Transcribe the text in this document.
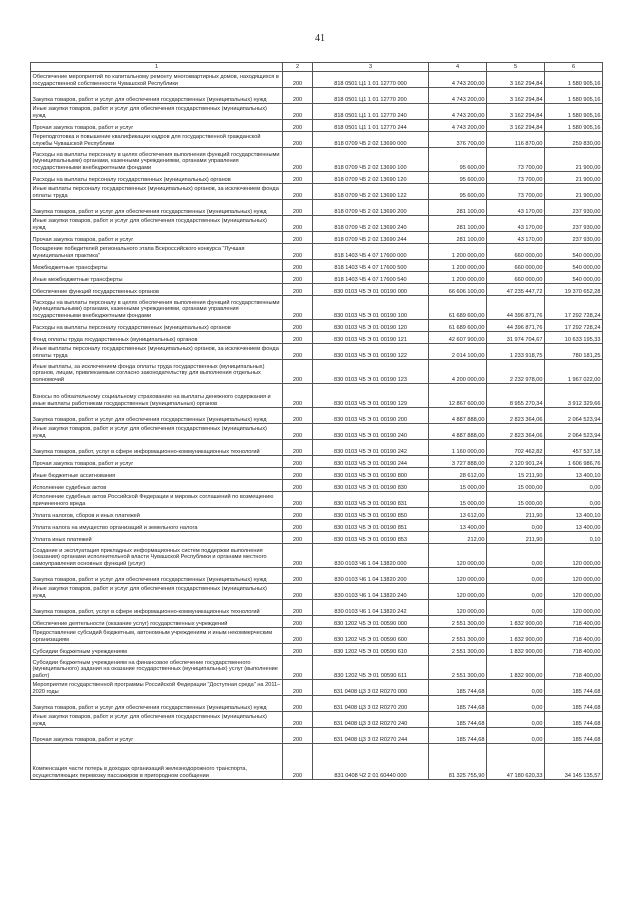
41
1	2	3	4	5	6
Обеспечение мероприятий по капитальному ремонту многоквартирных домов, находящихся в государственной собственности Чувашской Республики	200	818 0501 Ц1 1 01 12770 000	4 743 200,00	3 162 294,84	1 580 905,16
Закупка товаров, работ и услуг для обеспечения государственных (муниципальных) нужд	200	818 0501 Ц1 1 01 12770 200	4 743 200,00	3 162 294,84	1 580 905,16
Иные закупки товаров, работ и услуг для обеспечения государственных (муниципальных) нужд	200	818 0501 Ц1 1 01 12770 240	4 743 200,00	3 162 294,84	1 580 905,16
Прочая закупка товаров, работ и услуг	200	818 0501 Ц1 1 01 12770 244	4 743 200,00	3 162 294,84	1 580 905,16
Переподготовка и повышение квалификации кадров для государственной гражданской службы Чувашской Республики	200	818 0709 Ч5 2 02 13690 000	376 700,00	116 870,00	259 830,00
Расходы на выплаты персоналу в целях обеспечения выполнения функций государственными (муниципальными) органами, казенными учреждениями, органами управления государственными внебюджетными фондами	200	818 0709 Ч5 2 02 13690 100	95 600,00	73 700,00	21 900,00
Расходы на выплаты персоналу государственных (муниципальных) органов	200	818 0709 Ч5 2 02 13690 120	95 600,00	73 700,00	21 900,00
Иные выплаты персоналу государственных (муниципальных) органов, за исключением фонда оплаты труда	200	818 0709 Ч5 2 02 13690 122	95 600,00	73 700,00	21 900,00
Закупка товаров, работ и услуг для обеспечения государственных (муниципальных) нужд	200	818 0709 Ч5 2 02 13690 200	281 100,00	43 170,00	237 930,00
Иные закупки товаров, работ и услуг для обеспечения государственных (муниципальных) нужд	200	818 0709 Ч5 2 02 13690 240	281 100,00	43 170,00	237 930,00
Прочая закупка товаров, работ и услуг	200	818 0709 Ч5 2 02 13690 244	281 100,00	43 170,00	237 930,00
Поощрение победителей регионального этапа Всероссийского конкурса "Лучшая муниципальная практика"	200	818 1403 Ч5 4 07 17600 000	1 200 000,00	660 000,00	540 000,00
Межбюджетные трансферты	200	818 1403 Ч5 4 07 17600 500	1 200 000,00	660 000,00	540 000,00
Иные межбюджетные трансферты	200	818 1403 Ч5 4 07 17600 540	1 200 000,00	660 000,00	540 000,00
Обеспечение функций государственных органов	200	830 0103 Ч5 Э 01 00190 000	66 606 100,00	47 235 447,72	19 370 652,28
Расходы на выплаты персоналу в целях обеспечения выполнения функций государственными (муниципальными) органами, казенными учреждениями, органами управления государственными внебюджетными фондами	200	830 0103 Ч5 Э 01 00190 100	61 689 600,00	44 396 871,76	17 292 728,24
Расходы на выплаты персоналу государственных (муниципальных) органов	200	830 0103 Ч5 Э 01 00190 120	61 689 600,00	44 396 871,76	17 292 728,24
Фонд оплаты труда государственных (муниципальных) органов	200	830 0103 Ч5 Э 01 00190 121	42 607 900,00	31 974 704,67	10 633 195,33
Иные выплаты персоналу государственных (муниципальных) органов, за исключением фонда оплаты труда	200	830 0103 Ч5 Э 01 00190 122	2 014 100,00	1 233 918,75	780 181,25
Иные выплаты, за исключением фонда оплаты труда государственных (муниципальных) органов, лицам, привлекаемым согласно законодательству для выполнения отдельных полномочий	200	830 0103 Ч5 Э 01 00190 123	4 200 000,00	2 232 978,00	1 967 022,00
Взносы по обязательному социальному страхованию на выплаты денежного содержания и иные выплаты работникам государственных (муниципальных) органов	200	830 0103 Ч5 Э 01 00190 129	12 867 600,00	8 955 270,34	3 912 329,66
Закупка товаров, работ и услуг для обеспечения государственных (муниципальных) нужд	200	830 0103 Ч5 Э 01 00190 200	4 887 888,00	2 823 364,06	2 064 523,94
Иные закупки товаров, работ и услуг для обеспечения государственных (муниципальных) нужд	200	830 0103 Ч5 Э 01 00190 240	4 887 888,00	2 823 364,06	2 064 523,94
Закупка товаров, работ, услуг в сфере информационно-коммуникационных технологий	200	830 0103 Ч5 Э 01 00190 242	1 160 000,00	702 462,82	457 537,18
Прочая закупка товаров, работ и услуг	200	830 0103 Ч5 Э 01 00190 244	3 727 888,00	2 120 901,24	1 606 986,76
Иные бюджетные ассигнования	200	830 0103 Ч5 Э 01 00190 800	28 612,00	15 211,90	13 400,10
Исполнение судебных актов	200	830 0103 Ч5 Э 01 00190 830	15 000,00	15 000,00	0,00
Исполнение судебных актов Российской Федерации и мировых соглашений по возмещению причиненного вреда	200	830 0103 Ч5 Э 01 00190 831	15 000,00	15 000,00	0,00
Уплата налогов, сборов и иных платежей	200	830 0103 Ч5 Э 01 00190 850	13 612,00	211,90	13 400,10
Уплата налога на имущество организаций и земельного налога	200	830 0103 Ч5 Э 01 00190 851	13 400,00	0,00	13 400,00
Уплата иных платежей	200	830 0103 Ч5 Э 01 00190 853	212,00	211,90	0,10
Создание и эксплуатация прикладных информационных систем поддержки выполнения (оказания) органами исполнительной власти Чувашской Республики и органами местного самоуправления основных функций (услуг)	200	830 0103 Ч6 1 04 13820 000	120 000,00	0,00	120 000,00
Закупка товаров, работ и услуг для обеспечения государственных (муниципальных) нужд	200	830 0103 Ч6 1 04 13820 200	120 000,00	0,00	120 000,00
Иные закупки товаров, работ и услуг для обеспечения государственных (муниципальных) нужд	200	830 0103 Ч6 1 04 13820 240	120 000,00	0,00	120 000,00
Закупка товаров, работ, услуг в сфере информационно-коммуникационных технологий	200	830 0103 Ч6 1 04 13820 242	120 000,00	0,00	120 000,00
Обеспечение деятельности (оказание услуг) государственных учреждений	200	830 1202 Ч5 Э 01 00590 000	2 551 300,00	1 832 900,00	718 400,00
Предоставление субсидий бюджетным, автономным учреждениям и иным некоммерческим организациям	200	830 1202 Ч5 Э 01 00590 600	2 551 300,00	1 832 900,00	718 400,00
Субсидии бюджетным учреждениям	200	830 1202 Ч5 Э 01 00590 610	2 551 300,00	1 832 900,00	718 400,00
Субсидии бюджетным учреждениям на финансовое обеспечение государственного (муниципального) задания на оказание государственных (муниципальных) услуг (выполнение работ)	200	830 1202 Ч5 Э 01 00590 611	2 551 300,00	1 832 900,00	718 400,00
Мероприятия государственной программы Российской Федерации "Доступная среда" на 2011–2020 годы	200	831 0408 Ц3 3 02 R0270 000	185 744,68	0,00	185 744,68
Закупка товаров, работ и услуг для обеспечения государственных (муниципальных) нужд	200	831 0408 Ц3 3 02 R0270 200	185 744,68	0,00	185 744,68
Иные закупки товаров, работ и услуг для обеспечения государственных (муниципальных) нужд	200	831 0408 Ц3 3 02 R0270 240	185 744,68	0,00	185 744,68
Прочая закупка товаров, работ и услуг	200	831 0408 Ц3 3 02 R0270 244	185 744,68	0,00	185 744,68
Компенсация части потерь в доходах организаций железнодорожного транспорта, осуществляющих перевозку пассажиров в пригородном сообщении	200	831 0408 Ч2 2 01 60440 000	81 325 755,90	47 180 620,33	34 145 135,57
